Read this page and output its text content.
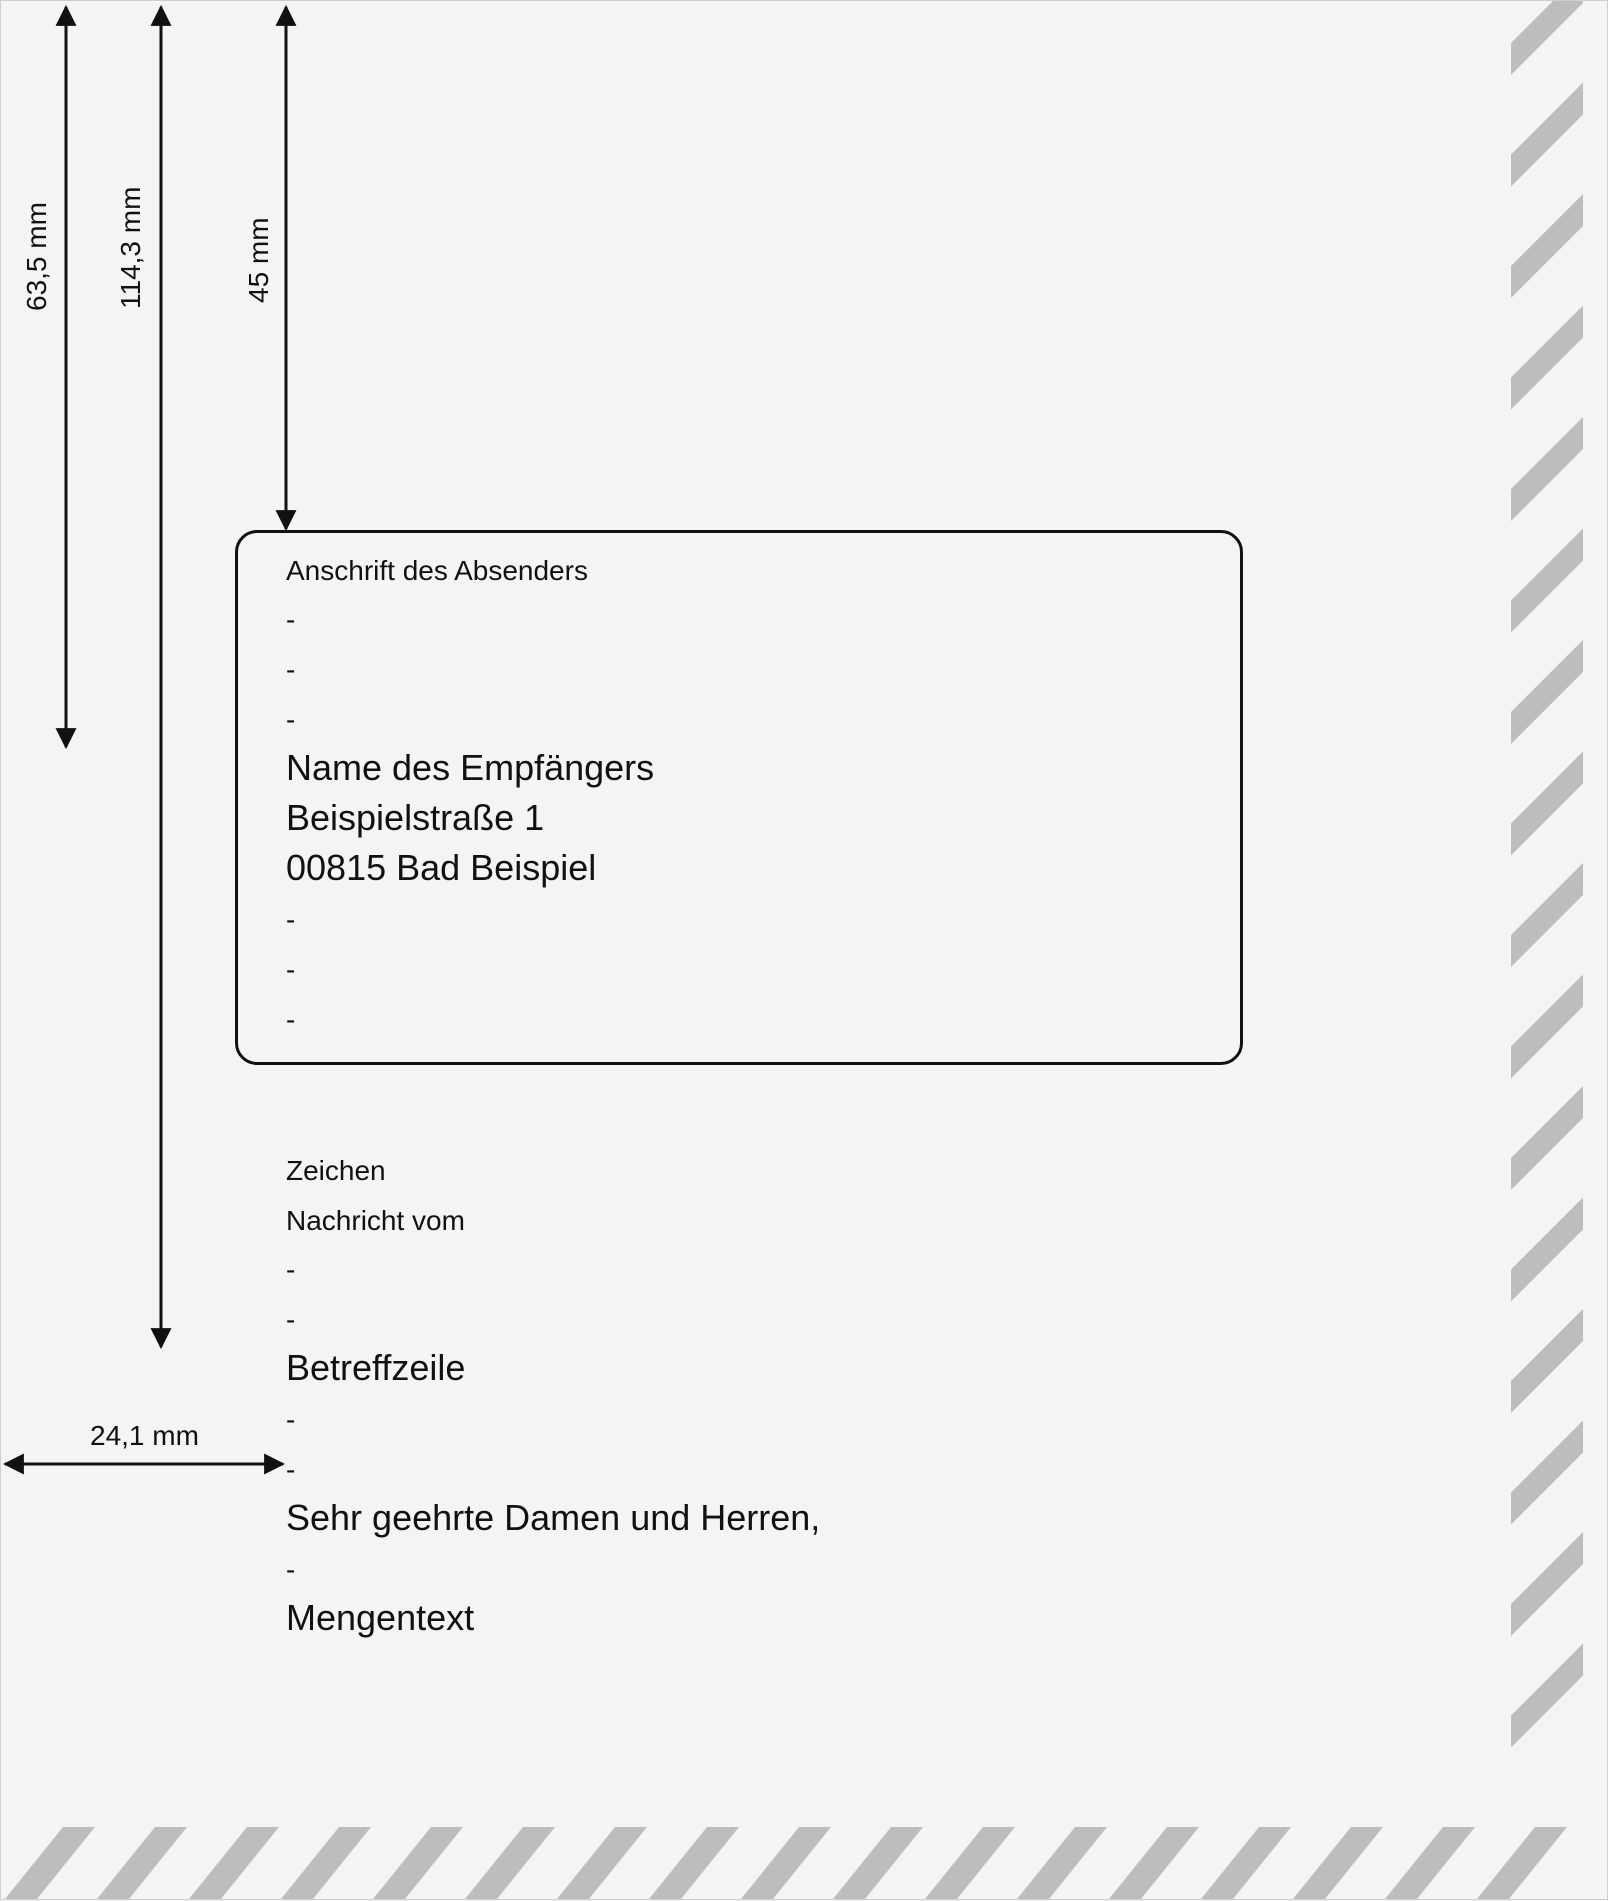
63,5 mm 114,3 mm	45 mm
24,1 mm
Anschrift des Absenders
-
-
-
Name des Empfängers
Beispielstraße 1
00815 Bad Beispiel
-
-
-
Zeichen
Nachricht vom
-
-
Betreffzeile
-
-
Sehr geehrte Damen und Herren,
-
Mengentext
